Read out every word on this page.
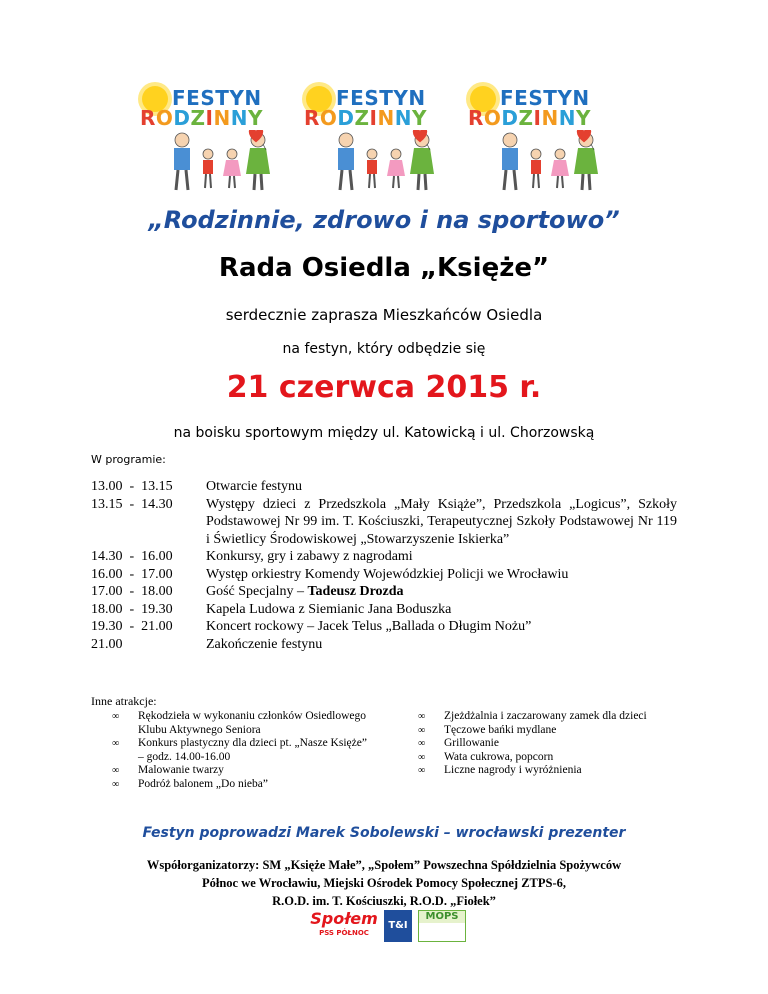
FESTYN
RODZINNY
FESTYN
RODZINNY
FESTYN
RODZINNY
„Rodzinnie, zdrowo i na sportowo”
Rada Osiedla „Księże”
serdecznie zaprasza Mieszkańców Osiedla
na festyn, który odbędzie się
21 czerwca 2015 r.
na boisku sportowym między ul. Katowicką i ul. Chorzowską
W programie:
13.00  -  13.15	Otwarcie festynu
13.15  -  14.30	Występy dzieci z Przedszkola „Mały Książe”, Przedszkola „Logicus”, Szkoły Podstawowej Nr 99 im. T. Kościuszki, Terapeutycznej Szkoły Podstawowej Nr 119 i Świetlicy Środowiskowej „Stowarzyszenie Iskierka”
14.30  -  16.00	Konkursy, gry i zabawy z nagrodami
16.00  -  17.00	Występ orkiestry Komendy Wojewódzkiej Policji we Wrocławiu
17.00  -  18.00	Gość Specjalny – Tadeusz Drozda
18.00  -  19.30	Kapela Ludowa z Siemianic Jana Boduszka
19.30  -  21.00	Koncert rockowy – Jacek Telus „Ballada o Długim Nożu”
21.00	Zakończenie festynu
Inne atrakcje:
∞	Rękodzieła w wykonaniu członków Osiedlowego Klubu Aktywnego Seniora
∞	Konkurs plastyczny dla dzieci pt. „Nasze Księże” – godz. 14.00-16.00
∞	Malowanie twarzy
∞	Podróż balonem „Do nieba”
∞	Zjeżdżalnia i zaczarowany zamek dla dzieci
∞	Tęczowe bańki mydlane
∞	Grillowanie
∞	Wata cukrowa, popcorn
∞	Liczne nagrody i wyróżnienia
Festyn poprowadzi Marek Sobolewski – wrocławski prezenter
Współorganizatorzy: SM „Księże Małe”, „Społem” Powszechna Spółdzielnia Spożywców
Północ we Wrocławiu, Miejski Ośrodek Pomocy Społecznej ZTPS-6,
R.O.D. im. T. Kościuszki, R.O.D. „Fiołek”
Społem
PSS PÓŁNOC
T&I
MOPS
